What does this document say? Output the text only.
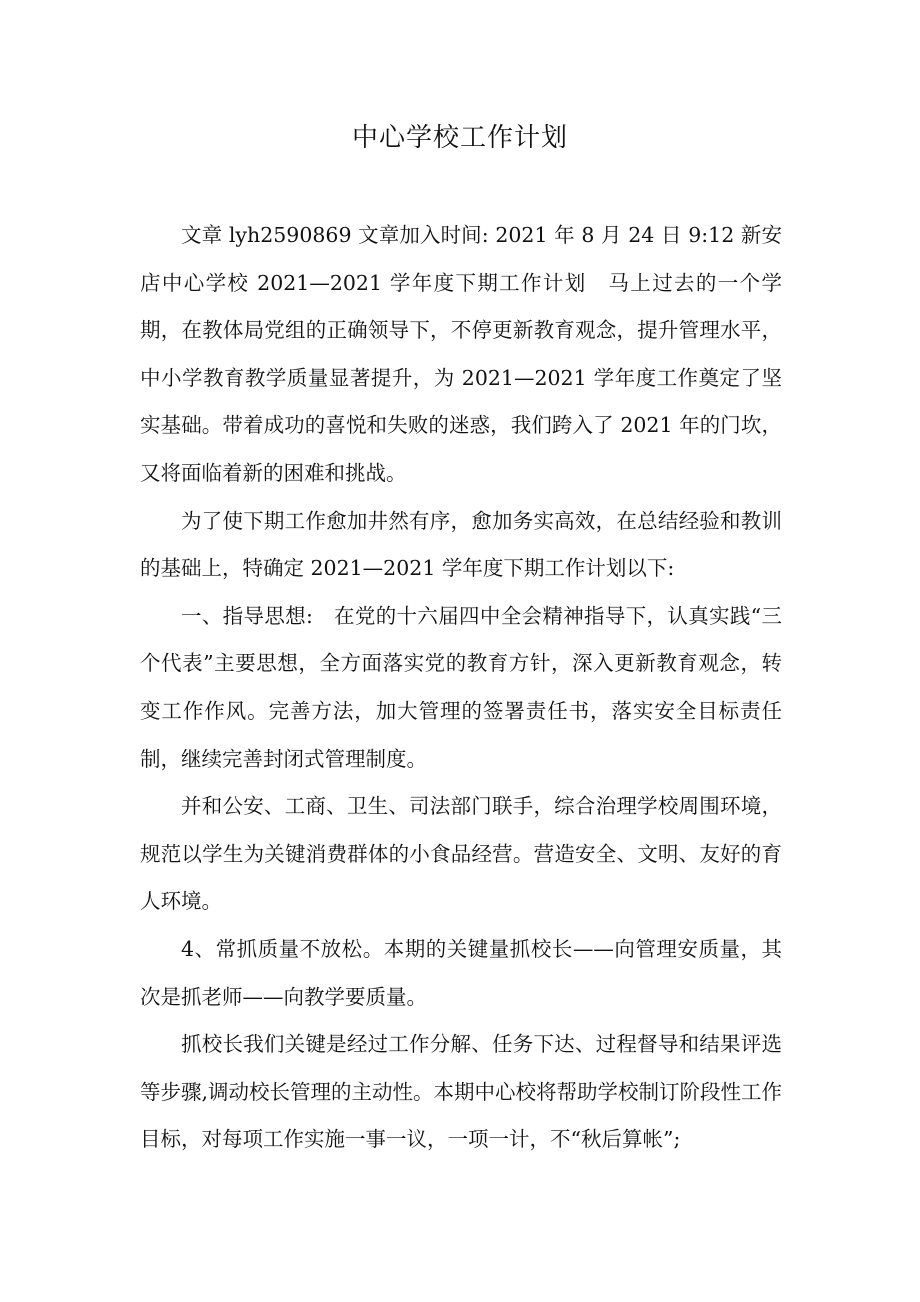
中心学校工作计划

文章 lyh2590869 文章加入时间: 2021 年 8 月 24 日 9:12 新安店中心学校 2021—2021 学年度下期工作计划　马上过去的一个学期，在教体局党组的正确领导下，不停更新教育观念，提升管理水平，中小学教育教学质量显著提升，为 2021—2021 学年度工作奠定了坚实基础。带着成功的喜悦和失败的迷惑，我们跨入了 2021 年的门坎，又将面临着新的困难和挑战。

为了使下期工作愈加井然有序，愈加务实高效，在总结经验和教训的基础上，特确定 2021—2021 学年度下期工作计划以下:

一、指导思想:　在党的十六届四中全会精神指导下，认真实践“三个代表”主要思想，全方面落实党的教育方针，深入更新教育观念，转变工作作风。完善方法，加大管理的签署责任书，落实安全目标责任制，继续完善封闭式管理制度。

并和公安、工商、卫生、司法部门联手，综合治理学校周围环境，规范以学生为关键消费群体的小食品经营。营造安全、文明、友好的育人环境。

4、常抓质量不放松。本期的关键量抓校长——向管理安质量，其次是抓老师——向教学要质量。

抓校长我们关键是经过工作分解、任务下达、过程督导和结果评选等步骤,调动校长管理的主动性。本期中心校将帮助学校制订阶段性工作目标，对每项工作实施一事一议，一项一计，不“秋后算帐”;
